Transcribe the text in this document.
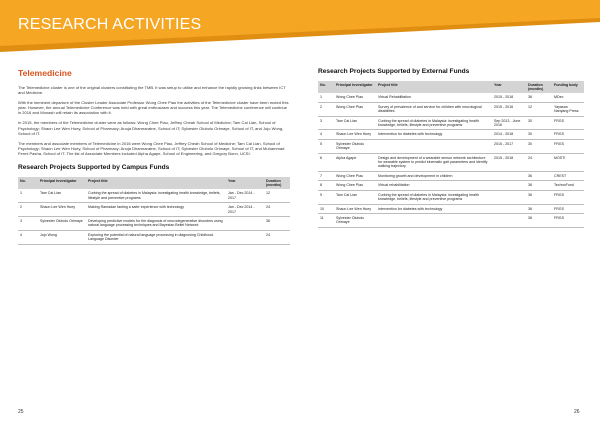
RESEARCH ACTIVITIES
Telemedicine

The Telemedicine cluster is one of the original clusters constituting the TMB. It was setup to utilise and enhance the rapidly growing links between ICT and Medicine.

With the imminent departure of the Cluster Leader Associate Professor Wong Chee Piau the activities of the Telemedicine cluster have been muted this year. However, the annual Telemedicine Conference was held with great enthusiasm and success this year. The Telemedicine conference will continue in 2016 and Monash will retain its association with it.

In 2015, the members of the Telemedicine cluster were as follows: Wong Chee Piau, Jeffrey Cheah School of Medicine; Tam Cai Lian, School of Psychology; Shaun Lee Wen Huey, School of Pharmacy; Anuja Dharmaratne, School of IT; Sylvester Olubolu Orimaye, School of IT, and Jojo Wong, School of IT.

The members and associate members of Telemedicine in 2016 were Wong Chee Piau, Jeffrey Cheah School of Medicine; Tam Cai Lian, School of Psychology; Shaun Lee Wen Huey, School of Pharmacy; Anuja Dharmaratne, School of IT; Sylvester Olubolu Orimaye, School of IT, and Muhammad Fermi Pasha, School of IT. The list of Associate Members included Alpha Agape, School of Engineering, and Gregory Bonn, UCSI.

Research Projects Supported by Campus Funds
No.	Principal Investigator	Project title	Year	Duration (months)
1	Tam Cai Lian	Curbing the spread of diabetes in Malaysia: investigating health knowledge, beliefs, lifestyle and preventive programs	Jan - Dec 2014 - 2017	12
2	Shaun Lee Wen Huey	Making Ramadan fasting a safer experience with technology	Jan - Dec 2014 - 2017	24
3	Sylvester Olubolu Orimaye	Developing predictive models for the diagnosis of neurodegenerative disorders using natural language processing techniques and Bayesian Belief Network		36
4	Jojo Wong	Exploring the potential of natural language processing in diagnosing Childhood Language Disorder		24
Research Projects Supported by External Funds
No.	Principal Investigator	Project title	Year	Duration (months)	Funding body
1	Wong Chee Piau	Virtual Rehabilitation	2015 - 2018	36	MDec
2	Wong Chee Piau	Survey of prevalence of and service for children with neurological disabilities	2015 - 2016	12	Yayasan Nanyang Press
3	Tam Cai Lian	Curbing the spread of diabetes in Malaysia: investigating health knowledge, beliefs, lifestyle and preventive programs	Sep 2013 - June 2016	30	FRGS
4	Shaun Lee Wen Huey	Intervention for diabetes with technology	2014 - 2018	30	FRGS
5	Sylvester Olubolu Orimaye		2015 - 2017	30	FRGS
6	Alpha Agape	Design and development of a wearable sensor network architecture for wearable system to predict kinematic gait parameters and identify walking trajectory	2015 - 2018	24	MOSTI
7	Wong Chee Piau	Monitoring growth and development in children		36	CREST
8	Wong Chee Piau	Virtual rehabilitation		36	TechnoFund
9	Tam Cai Lian	Curbing the spread of diabetes in Malaysia: investigating health knowledge, beliefs, lifestyle and preventive programs		36	FRGS
10	Shaun Lee Wen Huey	Intervention for diabetes with technology		36	FRGS
11	Sylvester Olubolu Orimaye			36	FRGS
25	26
